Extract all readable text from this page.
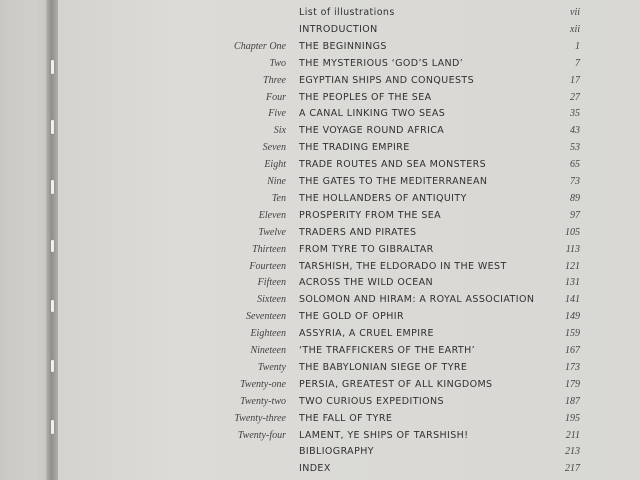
List of illustrations	vii
INTRODUCTION	xii
Chapter One THE BEGINNINGS	1
Two THE MYSTERIOUS ‘GOD’S LAND’	7
Three EGYPTIAN SHIPS AND CONQUESTS	17
Four THE PEOPLES OF THE SEA	27
Five A CANAL LINKING TWO SEAS	35
Six THE VOYAGE ROUND AFRICA	43
Seven THE TRADING EMPIRE	53
Eight TRADE ROUTES AND SEA MONSTERS	65
Nine THE GATES TO THE MEDITERRANEAN	73
Ten THE HOLLANDERS OF ANTIQUITY	89
Eleven PROSPERITY FROM THE SEA	97
Twelve TRADERS AND PIRATES	105
Thirteen FROM TYRE TO GIBRALTAR	113
Fourteen TARSHISH, THE ELDORADO IN THE WEST	121
Fifteen ACROSS THE WILD OCEAN	131
Sixteen SOLOMON AND HIRAM: A ROYAL ASSOCIATION	141
Seventeen THE GOLD OF OPHIR	149
Eighteen ASSYRIA, A CRUEL EMPIRE	159
Nineteen ‘THE TRAFFICKERS OF THE EARTH’	167
Twenty THE BABYLONIAN SIEGE OF TYRE	173
Twenty-one PERSIA, GREATEST OF ALL KINGDOMS	179
Twenty-two TWO CURIOUS EXPEDITIONS	187
Twenty-three THE FALL OF TYRE	195
Twenty-four LAMENT, YE SHIPS OF TARSHISH!	211
BIBLIOGRAPHY	213
INDEX	217
